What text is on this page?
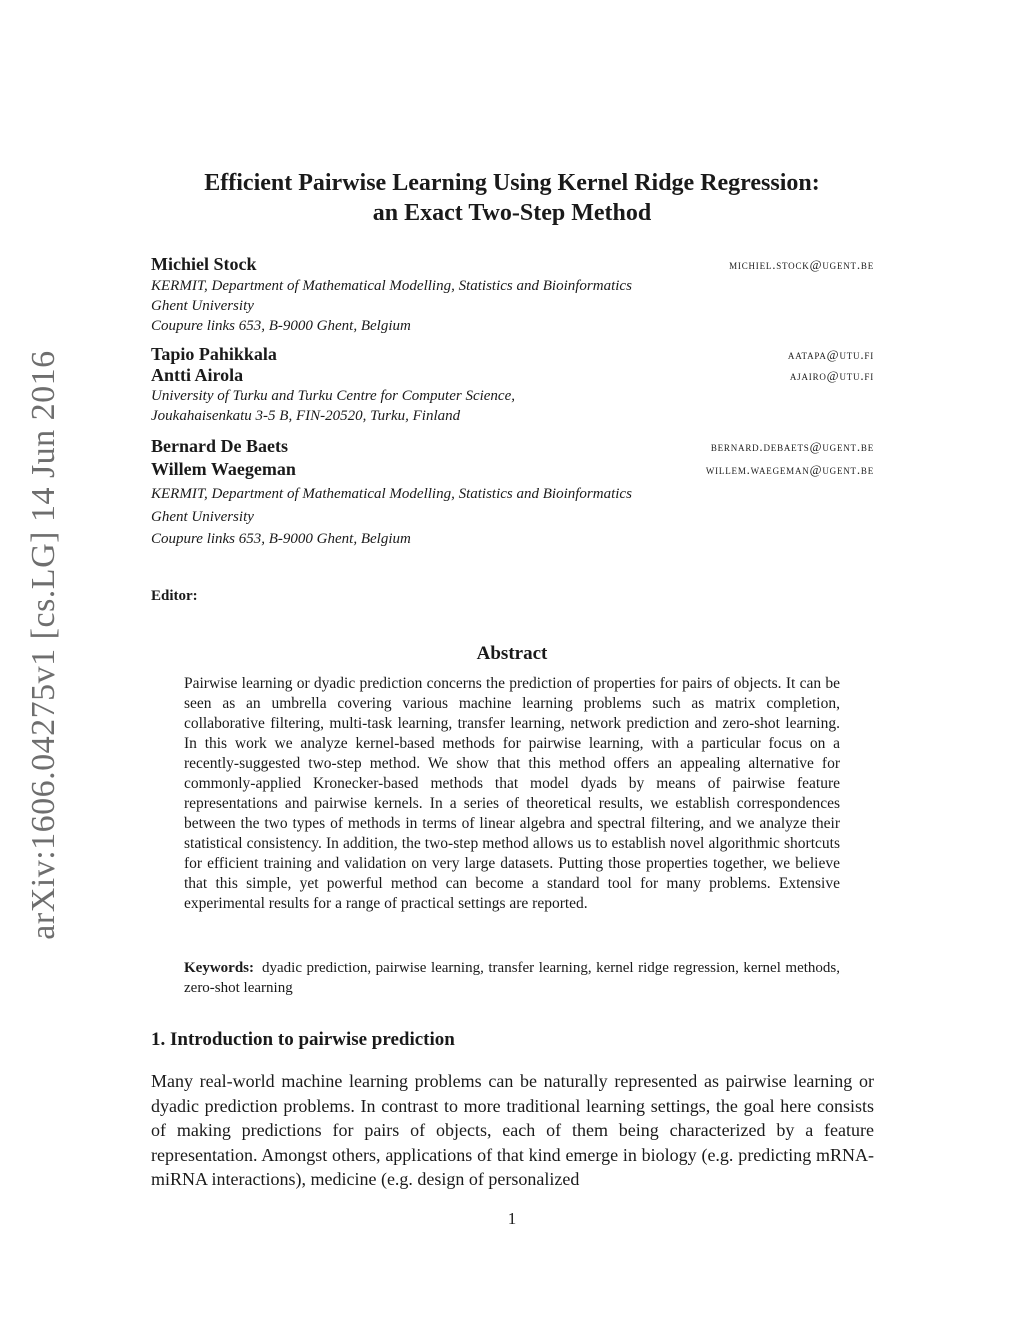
arXiv:1606.04275v1 [cs.LG] 14 Jun 2016
Efficient Pairwise Learning Using Kernel Ridge Regression:
an Exact Two-Step Method
Michiel Stock	michiel.stock@ugent.be
KERMIT, Department of Mathematical Modelling, Statistics and Bioinformatics
Ghent University
Coupure links 653, B-9000 Ghent, Belgium
Tapio Pahikkala	aatapa@utu.fi
Antti Airola	ajairo@utu.fi
University of Turku and Turku Centre for Computer Science,
Joukahaisenkatu 3-5 B, FIN-20520, Turku, Finland
Bernard De Baets	bernard.debaets@ugent.be
Willem Waegeman	willem.waegeman@ugent.be
KERMIT, Department of Mathematical Modelling, Statistics and Bioinformatics
Ghent University
Coupure links 653, B-9000 Ghent, Belgium
Editor:
Abstract
Pairwise learning or dyadic prediction concerns the prediction of properties for pairs of objects. It can be seen as an umbrella covering various machine learning problems such as matrix completion, collaborative filtering, multi-task learning, transfer learning, network prediction and zero-shot learning. In this work we analyze kernel-based methods for pairwise learning, with a particular focus on a recently-suggested two-step method. We show that this method offers an appealing alternative for commonly-applied Kronecker-based methods that model dyads by means of pairwise feature representations and pairwise kernels. In a series of theoretical results, we establish correspondences between the two types of methods in terms of linear algebra and spectral filtering, and we analyze their statistical consistency. In addition, the two-step method allows us to establish novel algorithmic shortcuts for efficient training and validation on very large datasets. Putting those properties together, we believe that this simple, yet powerful method can become a standard tool for many problems. Extensive experimental results for a range of practical settings are reported.
Keywords: dyadic prediction, pairwise learning, transfer learning, kernel ridge regression, kernel methods, zero-shot learning
1. Introduction to pairwise prediction
Many real-world machine learning problems can be naturally represented as pairwise learning or dyadic prediction problems. In contrast to more traditional learning settings, the goal here consists of making predictions for pairs of objects, each of them being characterized by a feature representation. Amongst others, applications of that kind emerge in biology (e.g. predicting mRNA-miRNA interactions), medicine (e.g. design of personalized
1
